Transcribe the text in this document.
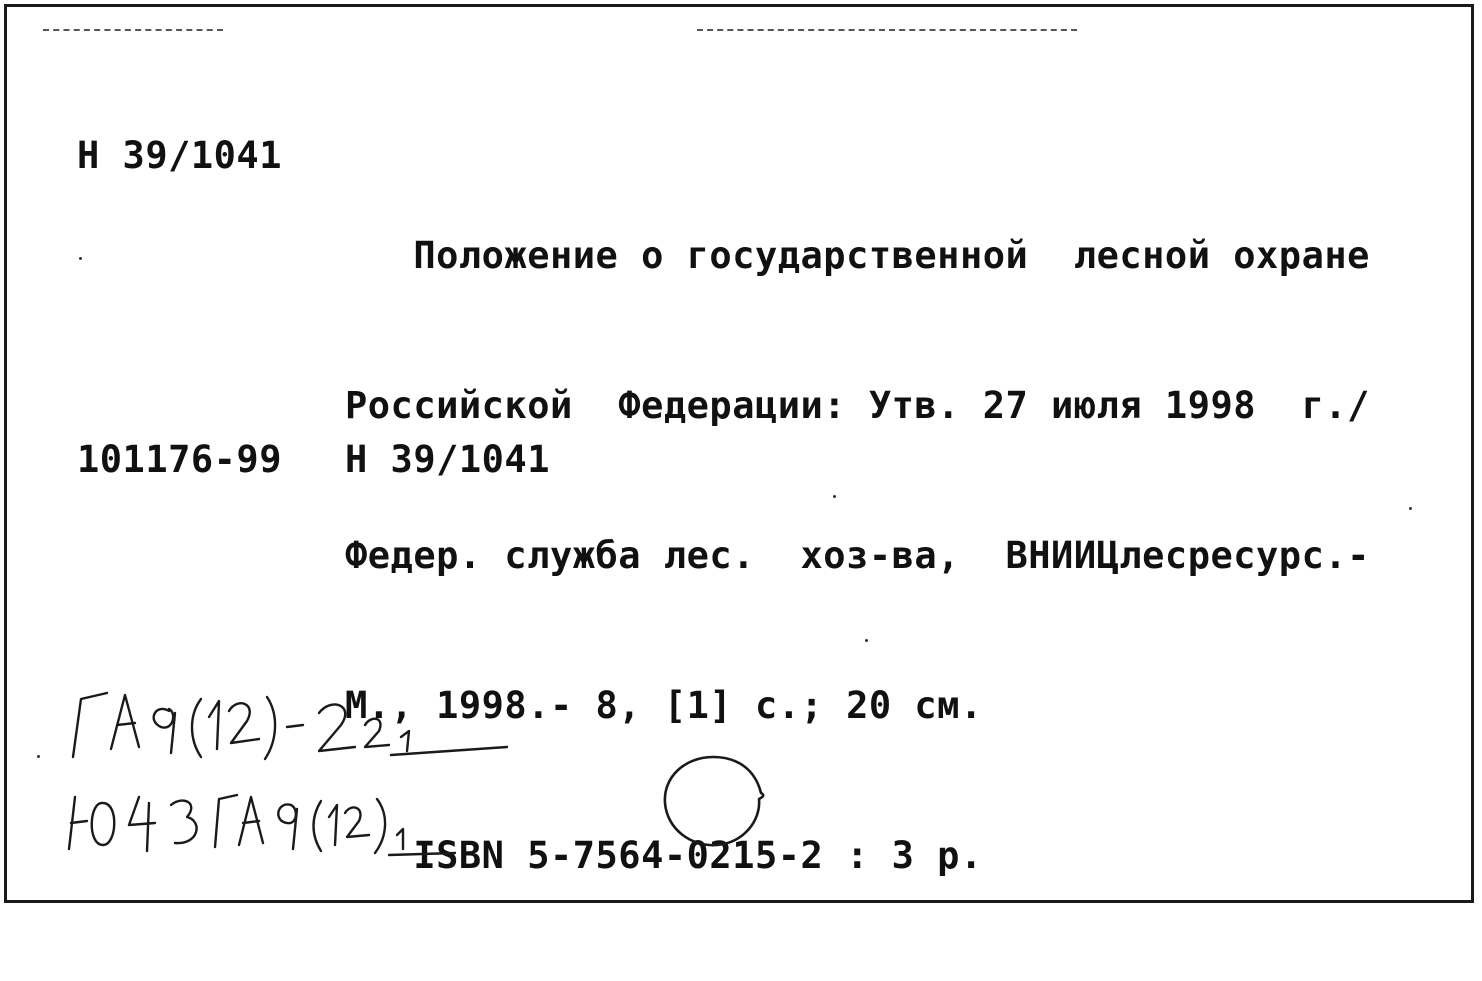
Н 39/1041

Положение о государственной  лесной охране

Российской  Федерации: Утв. 27 июля 1998  г./

Федер. служба лес.  хоз-ва,  ВНИИЦлесресурс.-

М., 1998.- 8, [1] с.; 20 см.

ISBN 5-7564-0215-2 : 3 р.

101176-99 Н 39/1041
